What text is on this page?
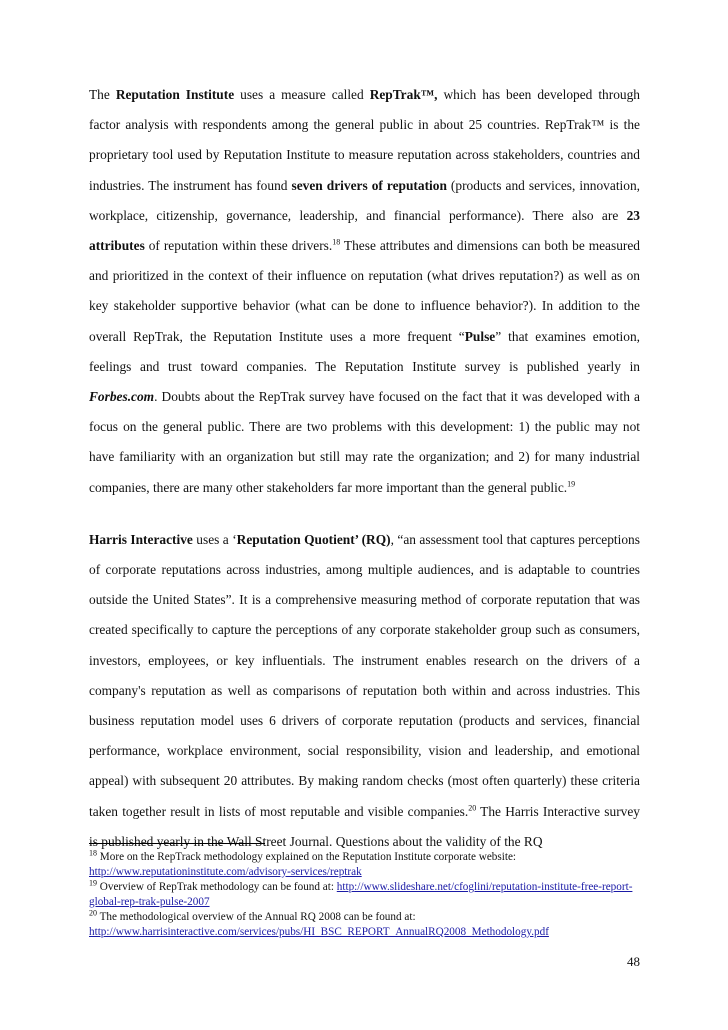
The Reputation Institute uses a measure called RepTrak™, which has been developed through factor analysis with respondents among the general public in about 25 countries. RepTrak™ is the proprietary tool used by Reputation Institute to measure reputation across stakeholders, countries and industries. The instrument has found seven drivers of reputation (products and services, innovation, workplace, citizenship, governance, leadership, and financial performance). There also are 23 attributes of reputation within these drivers.$^{18}$ These attributes and dimensions can both be measured and prioritized in the context of their influence on reputation (what drives reputation?) as well as on key stakeholder supportive behavior (what can be done to influence behavior?). In addition to the overall RepTrak, the Reputation Institute uses a more frequent “Pulse” that examines emotion, feelings and trust toward companies. The Reputation Institute survey is published yearly in Forbes.com. Doubts about the RepTrak survey have focused on the fact that it was developed with a focus on the general public. There are two problems with this development: 1) the public may not have familiarity with an organization but still may rate the organization; and 2) for many industrial companies, there are many other stakeholders far more important than the general public.$^{19}$

Harris Interactive uses a ‘Reputation Quotient’ (RQ), “an assessment tool that captures perceptions of corporate reputations across industries, among multiple audiences, and is adaptable to countries outside the United States”. It is a comprehensive measuring method of corporate reputation that was created specifically to capture the perceptions of any corporate stakeholder group such as consumers, investors, employees, or key influentials. The instrument enables research on the drivers of a company's reputation as well as comparisons of reputation both within and across industries. This business reputation model uses 6 drivers of corporate reputation (products and services, financial performance, workplace environment, social responsibility, vision and leadership, and emotional appeal) with subsequent 20 attributes. By making random checks (most often quarterly) these criteria taken together result in lists of most reputable and visible companies.$^{20}$ The Harris Interactive survey is published yearly in the Wall Street Journal. Questions about the validity of the RQ

$^{18}$ More on the RepTrack methodology explained on the Reputation Institute corporate website:
http://www.reputationinstitute.com/advisory-services/reptrak

$^{19}$ Overview of RepTrak methodology can be found at: http://www.slideshare.net/cfoglini/reputation-institute-free-report-global-rep-trak-pulse-2007

$^{20}$ The methodological overview of the Annual RQ 2008 can be found at:
http://www.harrisinteractive.com/services/pubs/HI_BSC_REPORT_AnnualRQ2008_Methodology.pdf

48
